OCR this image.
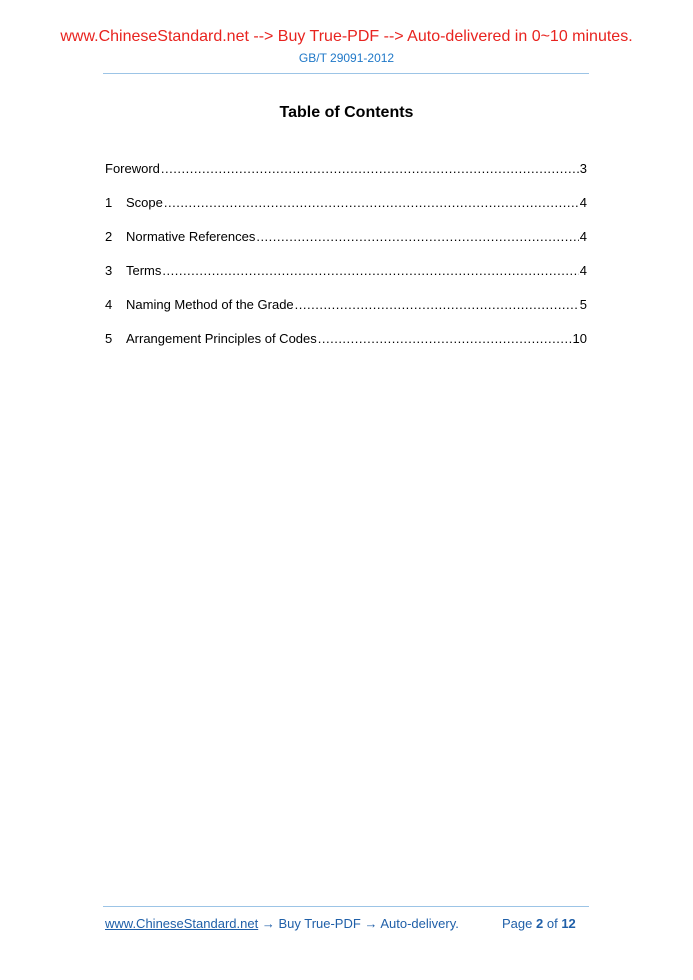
www.ChineseStandard.net --> Buy True-PDF --> Auto-delivered in 0~10 minutes.
GB/T 29091-2012
Table of Contents
Foreword .....	3
1	Scope .....	4
2	Normative References .....	4
3	Terms .....	4
4	Naming Method of the Grade .....	5
5	Arrangement Principles of Codes .....	10
www.ChineseStandard.net → Buy True-PDF → Auto-delivery.	Page 2 of 12
